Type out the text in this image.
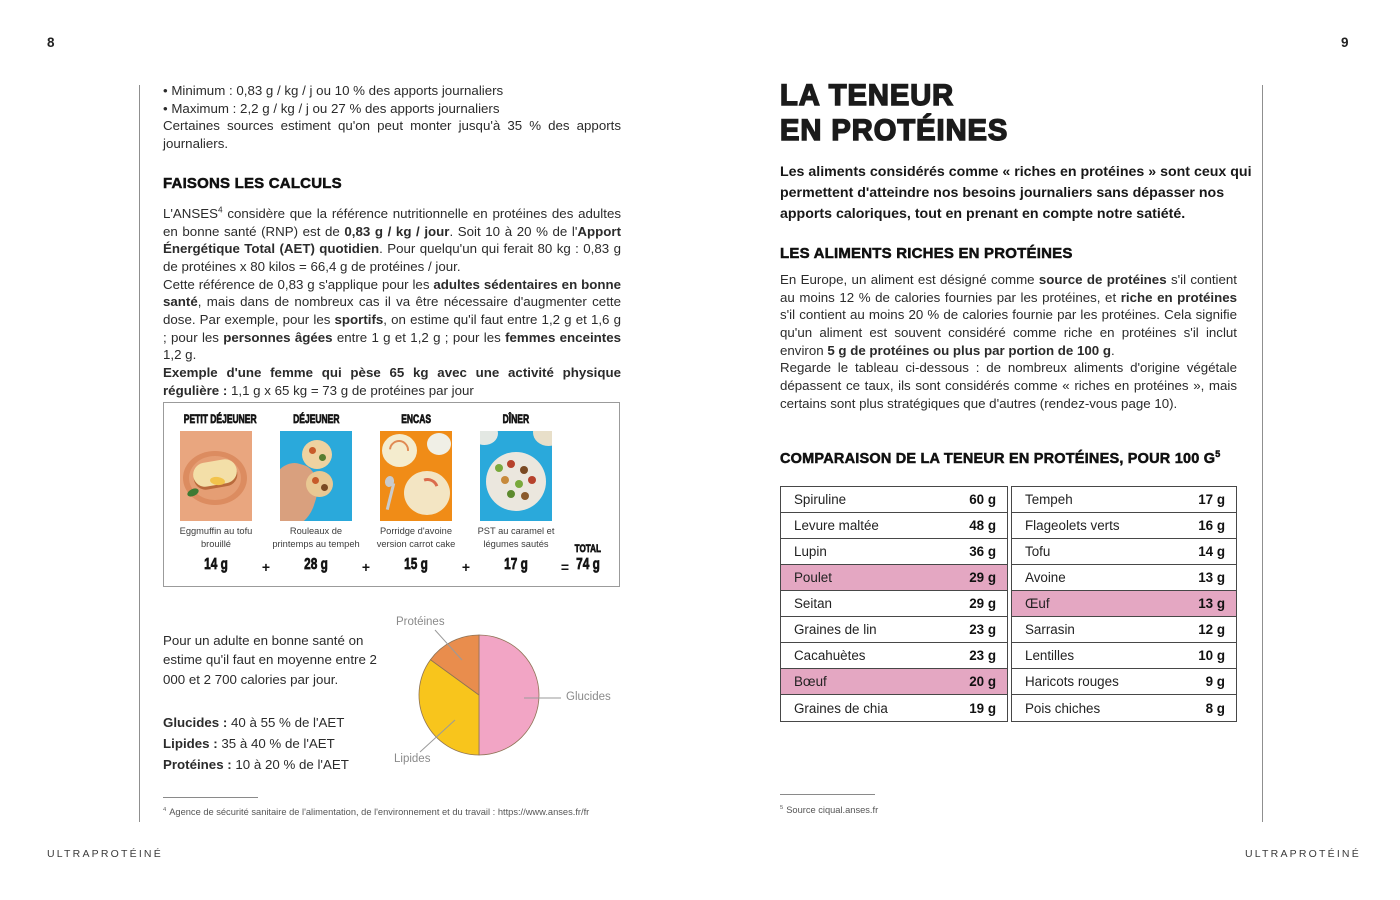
8
• Minimum : 0,83 g / kg / j ou 10 % des apports journaliers
• Maximum : 2,2 g / kg / j ou 27 % des apports journaliers
Certaines sources estiment qu'on peut monter jusqu'à 35 % des apports journaliers.
FAISONS LES CALCULS

L'ANSES$^4$ considère que la référence nutritionnelle en protéines des adultes en bonne santé (RNP) est de 0,83 g / kg / jour. Soit 10 à 20 % de l'Apport Énergétique Total (AET) quotidien. Pour quelqu'un qui ferait 80 kg : 0,83 g de protéines x 80 kilos = 66,4 g de protéines / jour.
Cette référence de 0,83 g s'applique pour les adultes sédentaires en bonne santé, mais dans de nombreux cas il va être nécessaire d'augmenter cette dose. Par exemple, pour les sportifs, on estime qu'il faut entre 1,2 g et 1,6 g ; pour les personnes âgées entre 1 g et 1,2 g ; pour les femmes enceintes 1,2 g.
Exemple d'une femme qui pèse 65 kg avec une activité physique régulière : 1,1 g x 65 kg = 73 g de protéines par jour

PETIT DÉJEUNER
Eggmuffin au tofu brouillé
14 g
DÉJEUNER
Rouleaux de printemps au tempeh
28 g
ENCAS
Porridge d'avoine version carrot cake
15 g
DÎNER
PST au caramel et légumes sautés
17 g
+	+	+	=
TOTAL
74 g

Pour un adulte en bonne santé on estime qu'il faut en moyenne entre 2 000 et 2 700 calories par jour.

Glucides : 40 à 55 % de l'AET
Lipides : 35 à 40 % de l'AET
Protéines : 10 à 20 % de l'AET
Protéines
Glucides
Lipides
$^4$ Agence de sécurité sanitaire de l'alimentation, de l'environnement et du travail : https://www.anses.fr/fr
ULTRAPROTÉINÉ
9
LA TENEUR
EN PROTÉINES

Les aliments considérés comme « riches en protéines » sont ceux qui permettent d'atteindre nos besoins journaliers sans dépasser nos apports caloriques, tout en prenant en compte notre satiété.

LES ALIMENTS RICHES EN PROTÉINES

En Europe, un aliment est désigné comme source de protéines s'il contient au moins 12 % de calories fournies par les protéines, et riche en protéines s'il contient au moins 20 % de calories fournie par les protéines. Cela signifie qu'un aliment est souvent considéré comme riche en protéines s'il inclut environ 5 g de protéines ou plus par portion de 100 g.
Regarde le tableau ci-dessous : de nombreux aliments d'origine végétale dépassent ce taux, ils sont considérés comme « riches en protéines », mais certains sont plus stratégiques que d'autres (rendez-vous page 10).

COMPARAISON DE LA TENEUR EN PROTÉINES, POUR 100 $G^5$
Spiruline	60 g
Levure maltée	48 g
Lupin	36 g
Poulet	29 g
Seitan	29 g
Graines de lin	23 g
Cacahuètes	23 g
Bœuf	20 g
Graines de chia	19 g
Tempeh	17 g
Flageolets verts	16 g
Tofu	14 g
Avoine	13 g
Œuf	13 g
Sarrasin	12 g
Lentilles	10 g
Haricots rouges	9 g
Pois chiches	8 g
$^5$ Source ciqual.anses.fr
ULTRAPROTÉINÉ
